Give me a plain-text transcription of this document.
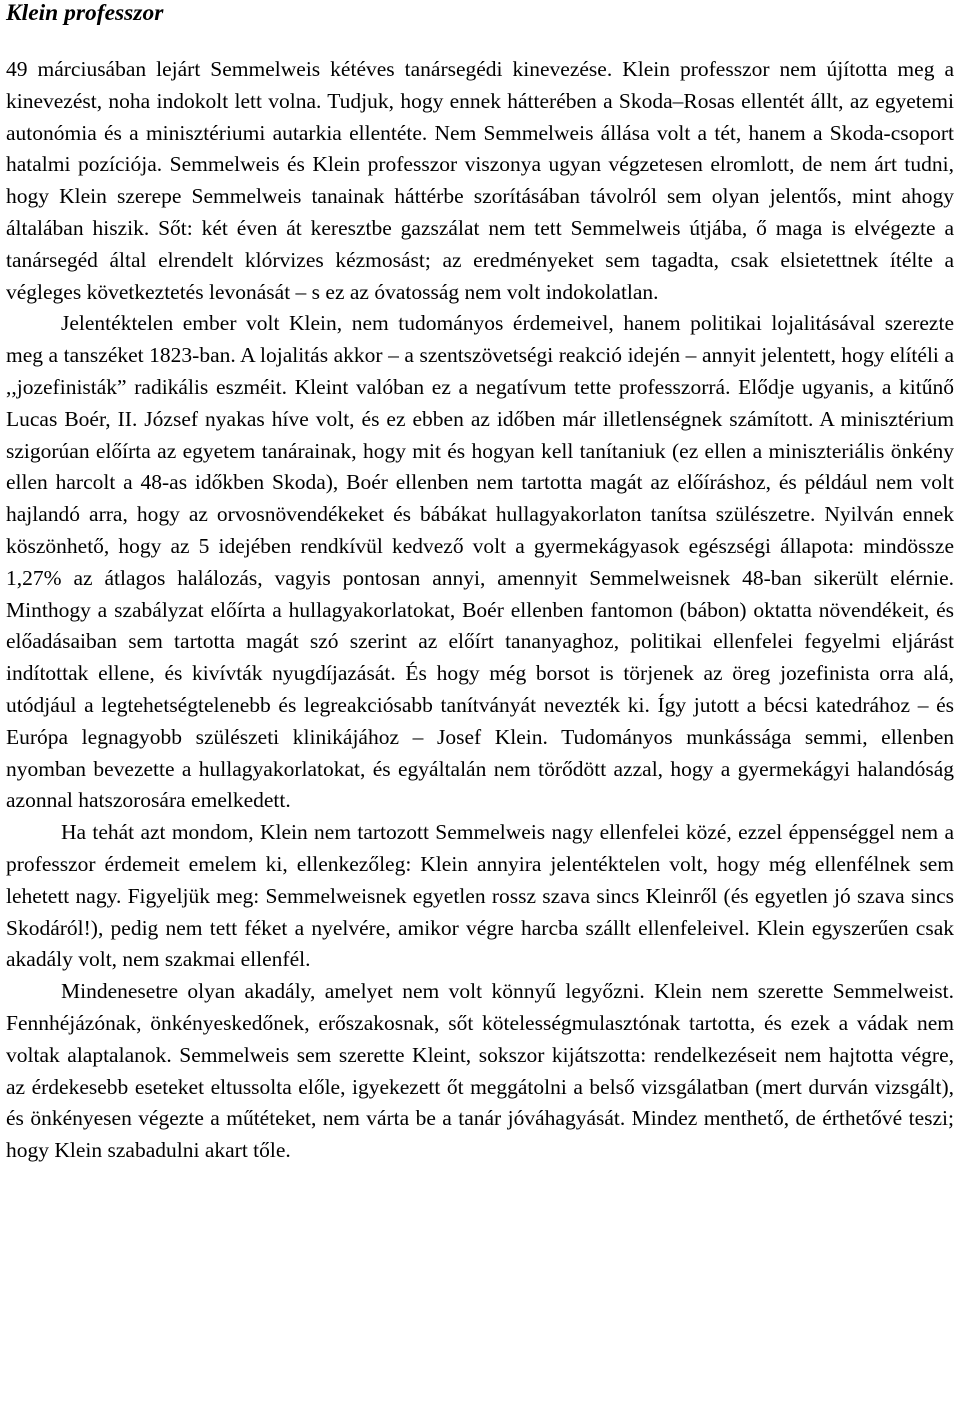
Klein professzor

49 márciusában lejárt Semmelweis kétéves tanársegédi kinevezése. Klein professzor nem újította meg a kinevezést, noha indokolt lett volna. Tudjuk, hogy ennek hátterében a Skoda–Rosas ellentét állt, az egyetemi autonómia és a minisztériumi autarkia ellentéte. Nem Semmelweis állása volt a tét, hanem a Skoda-csoport hatalmi pozíciója. Semmelweis és Klein professzor viszonya ugyan végzetesen elromlott, de nem árt tudni, hogy Klein szerepe Semmelweis tanainak háttérbe szorításában távolról sem olyan jelentős, mint ahogy általában hiszik. Sőt: két éven át keresztbe gazszálat nem tett Semmelweis útjába, ő maga is elvégezte a tanársegéd által elrendelt klórvizes kézmosást; az eredményeket sem tagadta, csak elsietettnek ítélte a végleges következtetés levonását – s ez az óvatosság nem volt indokolatlan.

Jelentéktelen ember volt Klein, nem tudományos érdemeivel, hanem politikai lojalitásával szerezte meg a tanszéket 1823-ban. A lojalitás akkor – a szentszövetségi reakció idején – annyit jelentett, hogy elítéli a ,,jozefinisták” radikális eszméit. Kleint valóban ez a negatívum tette professzorrá. Elődje ugyanis, a kitűnő Lucas Boér, II. József nyakas híve volt, és ez ebben az időben már illetlenségnek számított. A minisztérium szigorúan előírta az egyetem tanárainak, hogy mit és hogyan kell tanítaniuk (ez ellen a miniszteriális önkény ellen harcolt a 48-as időkben Skoda), Boér ellenben nem tartotta magát az előíráshoz, és például nem volt hajlandó arra, hogy az orvosnövendékeket és bábákat hullagyakorlaton tanítsa szülészetre. Nyilván ennek köszönhető, hogy az 5 idejében rendkívül kedvező volt a gyermekágyasok egészségi állapota: mindössze 1,27% az átlagos halálozás, vagyis pontosan annyi, amennyit Semmelweisnek 48-ban sikerült elérnie. Minthogy a szabályzat előírta a hullagyakorlatokat, Boér ellenben fantomon (bábon) oktatta növendékeit, és előadásaiban sem tartotta magát szó szerint az előírt tananyaghoz, politikai ellenfelei fegyelmi eljárást indítottak ellene, és kivívták nyugdíjazását. És hogy még borsot is törjenek az öreg jozefinista orra alá, utódjául a legtehetségtelenebb és legreakciósabb tanítványát nevezték ki. Így jutott a bécsi katedrához – és Európa legnagyobb szülészeti klinikájához – Josef Klein. Tudományos munkássága semmi, ellenben nyomban bevezette a hullagyakorlatokat, és egyáltalán nem törődött azzal, hogy a gyermekágyi halandóság azonnal hatszorosára emelkedett.

Ha tehát azt mondom, Klein nem tartozott Semmelweis nagy ellenfelei közé, ezzel éppenséggel nem a professzor érdemeit emelem ki, ellenkezőleg: Klein annyira jelentéktelen volt, hogy még ellenfélnek sem lehetett nagy. Figyeljük meg: Semmelweisnek egyetlen rossz szava sincs Kleinről (és egyetlen jó szava sincs Skodáról!), pedig nem tett féket a nyelvére, amikor végre harcba szállt ellenfeleivel. Klein egyszerűen csak akadály volt, nem szakmai ellenfél.

Mindenesetre olyan akadály, amelyet nem volt könnyű legyőzni. Klein nem szerette Semmelweist. Fennhéjázónak, önkényeskedőnek, erőszakosnak, sőt kötelességmulasztónak tartotta, és ezek a vádak nem voltak alaptalanok. Semmelweis sem szerette Kleint, sokszor kijátszotta: rendelkezéseit nem hajtotta végre, az érdekesebb eseteket eltussolta előle, igyekezett őt meggátolni a belső vizsgálatban (mert durván vizsgált), és önkényesen végezte a műtéteket, nem várta be a tanár jóváhagyását. Mindez menthető, de érthetővé teszi; hogy Klein szabadulni akart tőle.
